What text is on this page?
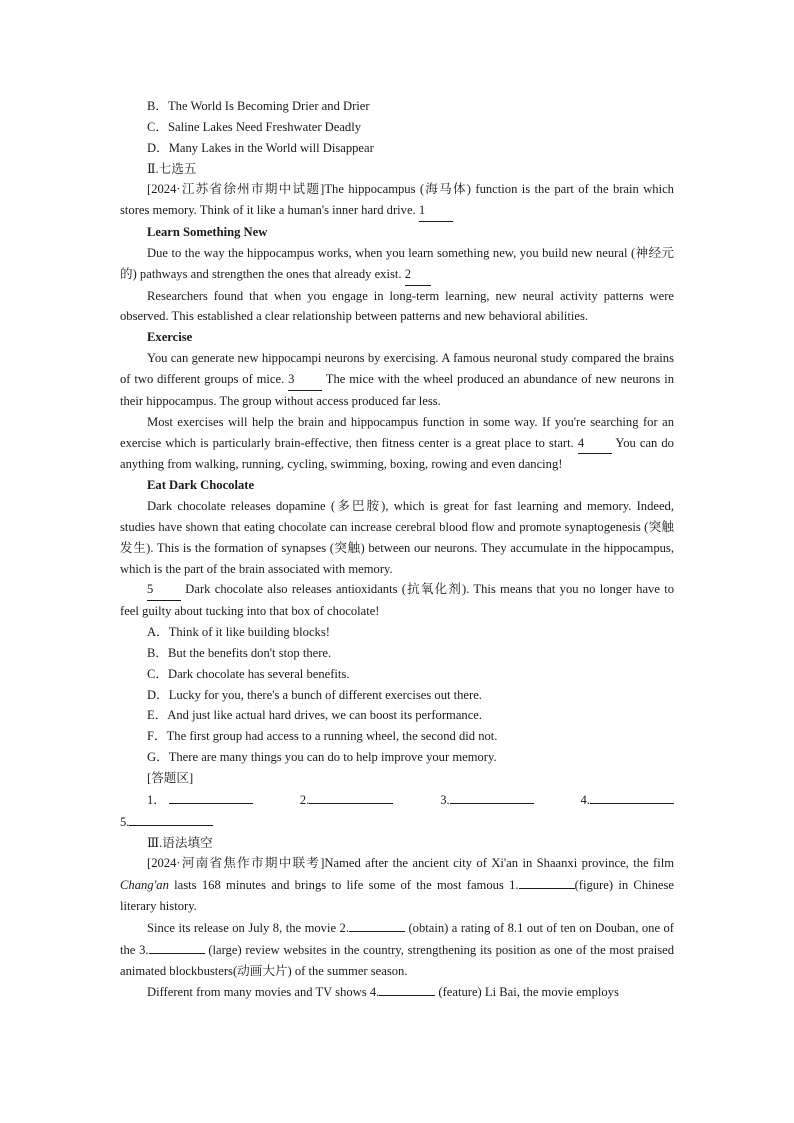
B．The World Is Becoming Drier and Drier

C．Saline Lakes Need Freshwater Deadly

D．Many Lakes in the World will Disappear

Ⅱ.七选五

[2024·江苏省徐州市期中试题]The hippocampus (海马体) function is the part of the brain which stores memory. Think of it like a human's inner hard drive. 1

Learn Something New

Due to the way the hippocampus works, when you learn something new, you build new neural (神经元的) pathways and strengthen the ones that already exist. 2

Researchers found that when you engage in long-term learning, new neural activity patterns were observed. This established a clear relationship between patterns and new behavioral abilities.

Exercise

You can generate new hippocampi neurons by exercising. A famous neuronal study compared the brains of two different groups of mice. 3 The mice with the wheel produced an abundance of new neurons in their hippocampus. The group without access produced far less.

Most exercises will help the brain and hippocampus function in some way. If you're searching for an exercise which is particularly brain-effective, then fitness center is a great place to start. 4 You can do anything from walking, running, cycling, swimming, boxing, rowing and even dancing!

Eat Dark Chocolate

Dark chocolate releases dopamine (多巴胺), which is great for fast learning and memory. Indeed, studies have shown that eating chocolate can increase cerebral blood flow and promote synaptogenesis (突触发生). This is the formation of synapses (突触) between our neurons. They accumulate in the hippocampus, which is the part of the brain associated with memory.

5 Dark chocolate also releases antioxidants (抗氧化剂). This means that you no longer have to feel guilty about tucking into that box of chocolate!

A．Think of it like building blocks!

B．But the benefits don't stop there.

C．Dark chocolate has several benefits.

D．Lucky for you, there's a bunch of different exercises out there.

E．And just like actual hard drives, we can boost its performance.

F．The first group had access to a running wheel, the second did not.

G．There are many things you can do to help improve your memory.

[答题区]

1．	2.	3.	4.

5.

Ⅲ.语法填空

[2024·河南省焦作市期中联考]Named after the ancient city of Xi'an in Shaanxi province, the film Chang'an lasts 168 minutes and brings to life some of the most famous 1.	(figure) in Chinese literary history.

Since its release on July 8, the movie 2.	(obtain) a rating of 8.1 out of ten on Douban, one of the 3.	(large) review websites in the country, strengthening its position as one of the most praised animated blockbusters(动画大片) of the summer season.

Different from many movies and TV shows 4.	(feature) Li Bai, the movie employs
